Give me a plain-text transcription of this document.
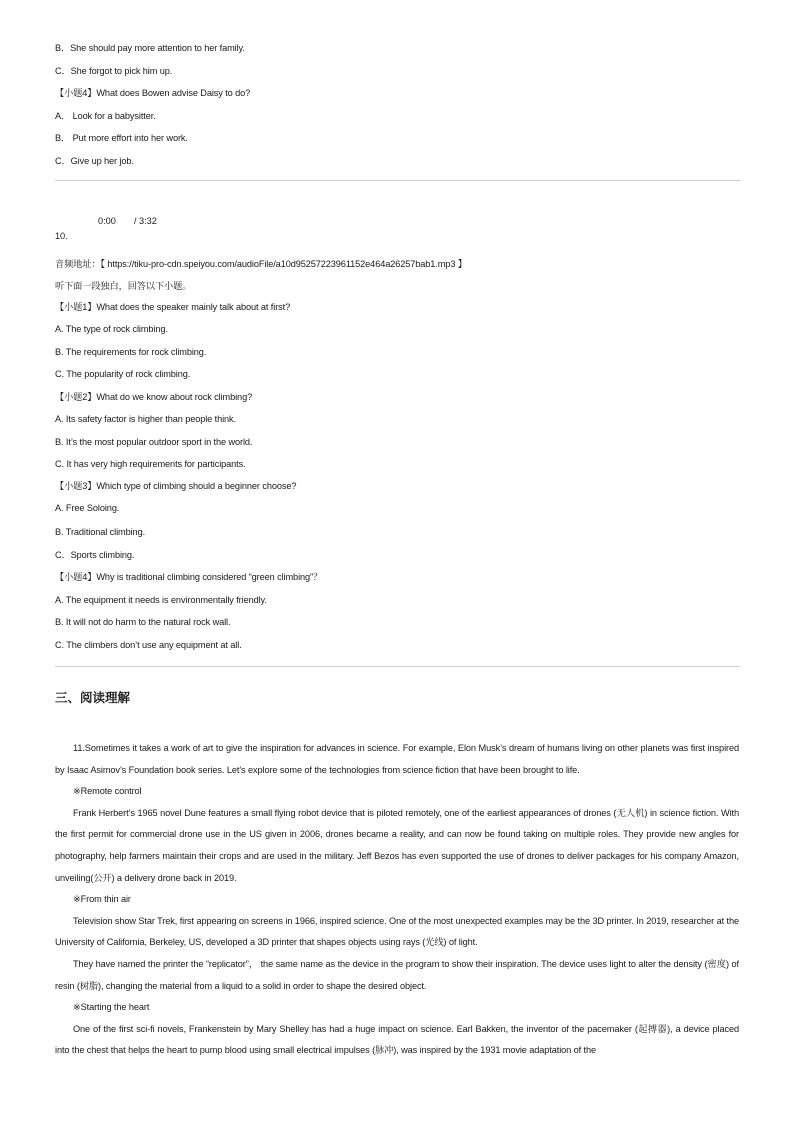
B．She should pay more attention to her family.
C．She forgot to pick him up.
【小题4】What does Bowen advise Daisy to do?
A． Look for a babysitter.
B． Put more effort into her work.
C．Give up her job.
0:00 / 3:32
10.
音频地址：【 https://tiku-pro-cdn.speiyou.com/audioFile/a10d95257223961152e464a26257bab1.mp3 】
听下面一段独白，回答以下小题。
【小题1】What does the speaker mainly talk about at first?
A. The type of rock climbing.
B. The requirements for rock climbing.
C. The popularity of rock climbing.
【小题2】What do we know about rock climbing?
A. Its safety factor is higher than people think.
B. It’s the most popular outdoor sport in the world.
C. It has very high requirements for participants.
【小题3】Which type of climbing should a beginner choose?
A. Free Soloing.
B. Traditional climbing.
C．Sports climbing.
【小题4】Why is traditional climbing considered “green climbing”？
A. The equipment it needs is environmentally friendly.
B. It will not do harm to the natural rock wall.
C. The climbers don’t use any equipment at all.
三、阅读理解

11.Sometimes it takes a work of art to give the inspiration for advances in science. For example, Elon Musk’s dream of humans living on other planets was first inspired by Isaac Asimov’s Foundation book series. Let’s explore some of the technologies from science fiction that have been brought to life.

※Remote control

Frank Herbert’s 1965 novel Dune features a small flying robot device that is piloted remotely, one of the earliest appearances of drones (无人机) in science fiction. With the first permit for commercial drone use in the US given in 2006, drones became a reality, and can now be found taking on multiple roles. They provide new angles for photography, help farmers maintain their crops and are used in the military. Jeff Bezos has even supported the use of drones to deliver packages for his company Amazon, unveiling(公开) a delivery drone back in 2019.

※From thin air

Television show Star Trek, first appearing on screens in 1966, inspired science. One of the most unexpected examples may be the 3D printer. In 2019, researcher at the University of California, Berkeley, US, developed a 3D printer that shapes objects using rays (光线) of light.

They have named the printer the “replicator”， the same name as the device in the program to show their inspiration. The device uses light to alter the density (密度) of resin (树脂), changing the material from a liquid to a solid in order to shape the desired object.

※Starting the heart

One of the first sci-fi novels, Frankenstein by Mary Shelley has had a huge impact on science. Earl Bakken, the inventor of the pacemaker (起搏器), a device placed into the chest that helps the heart to pump blood using small electrical impulses (脉冲), was inspired by the 1931 movie adaptation of the
